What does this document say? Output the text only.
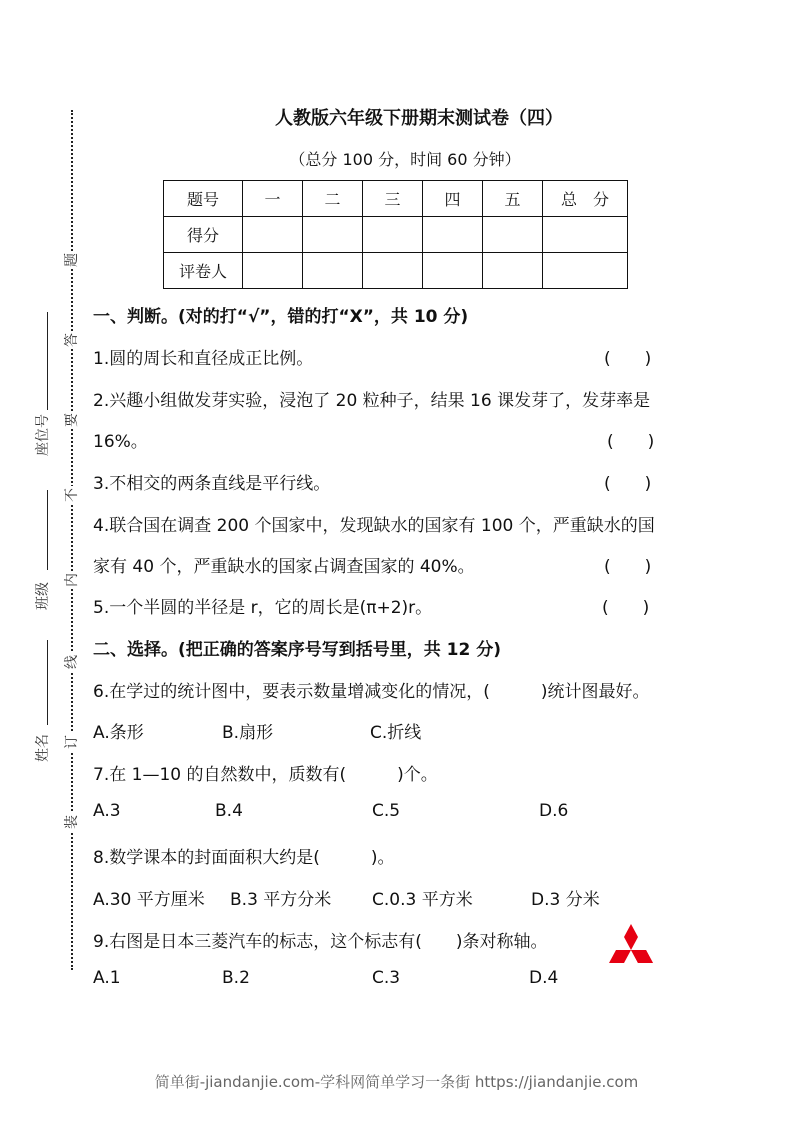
题
答
要
不
内
线
订
装
座位号
班级
姓名
人教版六年级下册期末测试卷（四）
（总分 100 分，时间 60 分钟）
题号	一	二	三	四	五	总　分
得分						
评卷人						
一、判断。(对的打“√”，错的打“X”，共 10 分)
1.圆的周长和直径成正比例。	(　　)
2.兴趣小组做发芽实验，浸泡了 20 粒种子，结果 16 课发芽了，发芽率是
16%。	(　　)
3.不相交的两条直线是平行线。	(　　)
4.联合国在调查 200 个国家中，发现缺水的国家有 100 个，严重缺水的国
家有 40 个，严重缺水的国家占调查国家的 40%。	(　　)
5.一个半圆的半径是 r，它的周长是(π+2)r。	(　　)
二、选择。(把正确的答案序号写到括号里，共 12 分)
6.在学过的统计图中，要表示数量增减变化的情况，(　　　)统计图最好。
A.条形	B.扇形	C.折线
7.在 1—10 的自然数中，质数有(　　　)个。
A.3	B.4	C.5	D.6
8.数学课本的封面面积大约是(　　　)。
A.30 平方厘米 B.3 平方分米 C.0.3 平方米	D.3 分米
9.右图是日本三菱汽车的标志，这个标志有(　　)条对称轴。
A.1	B.2	C.3	D.4
简单街-jiandanjie.com-学科网简单学习一条街 https://jiandanjie.com
